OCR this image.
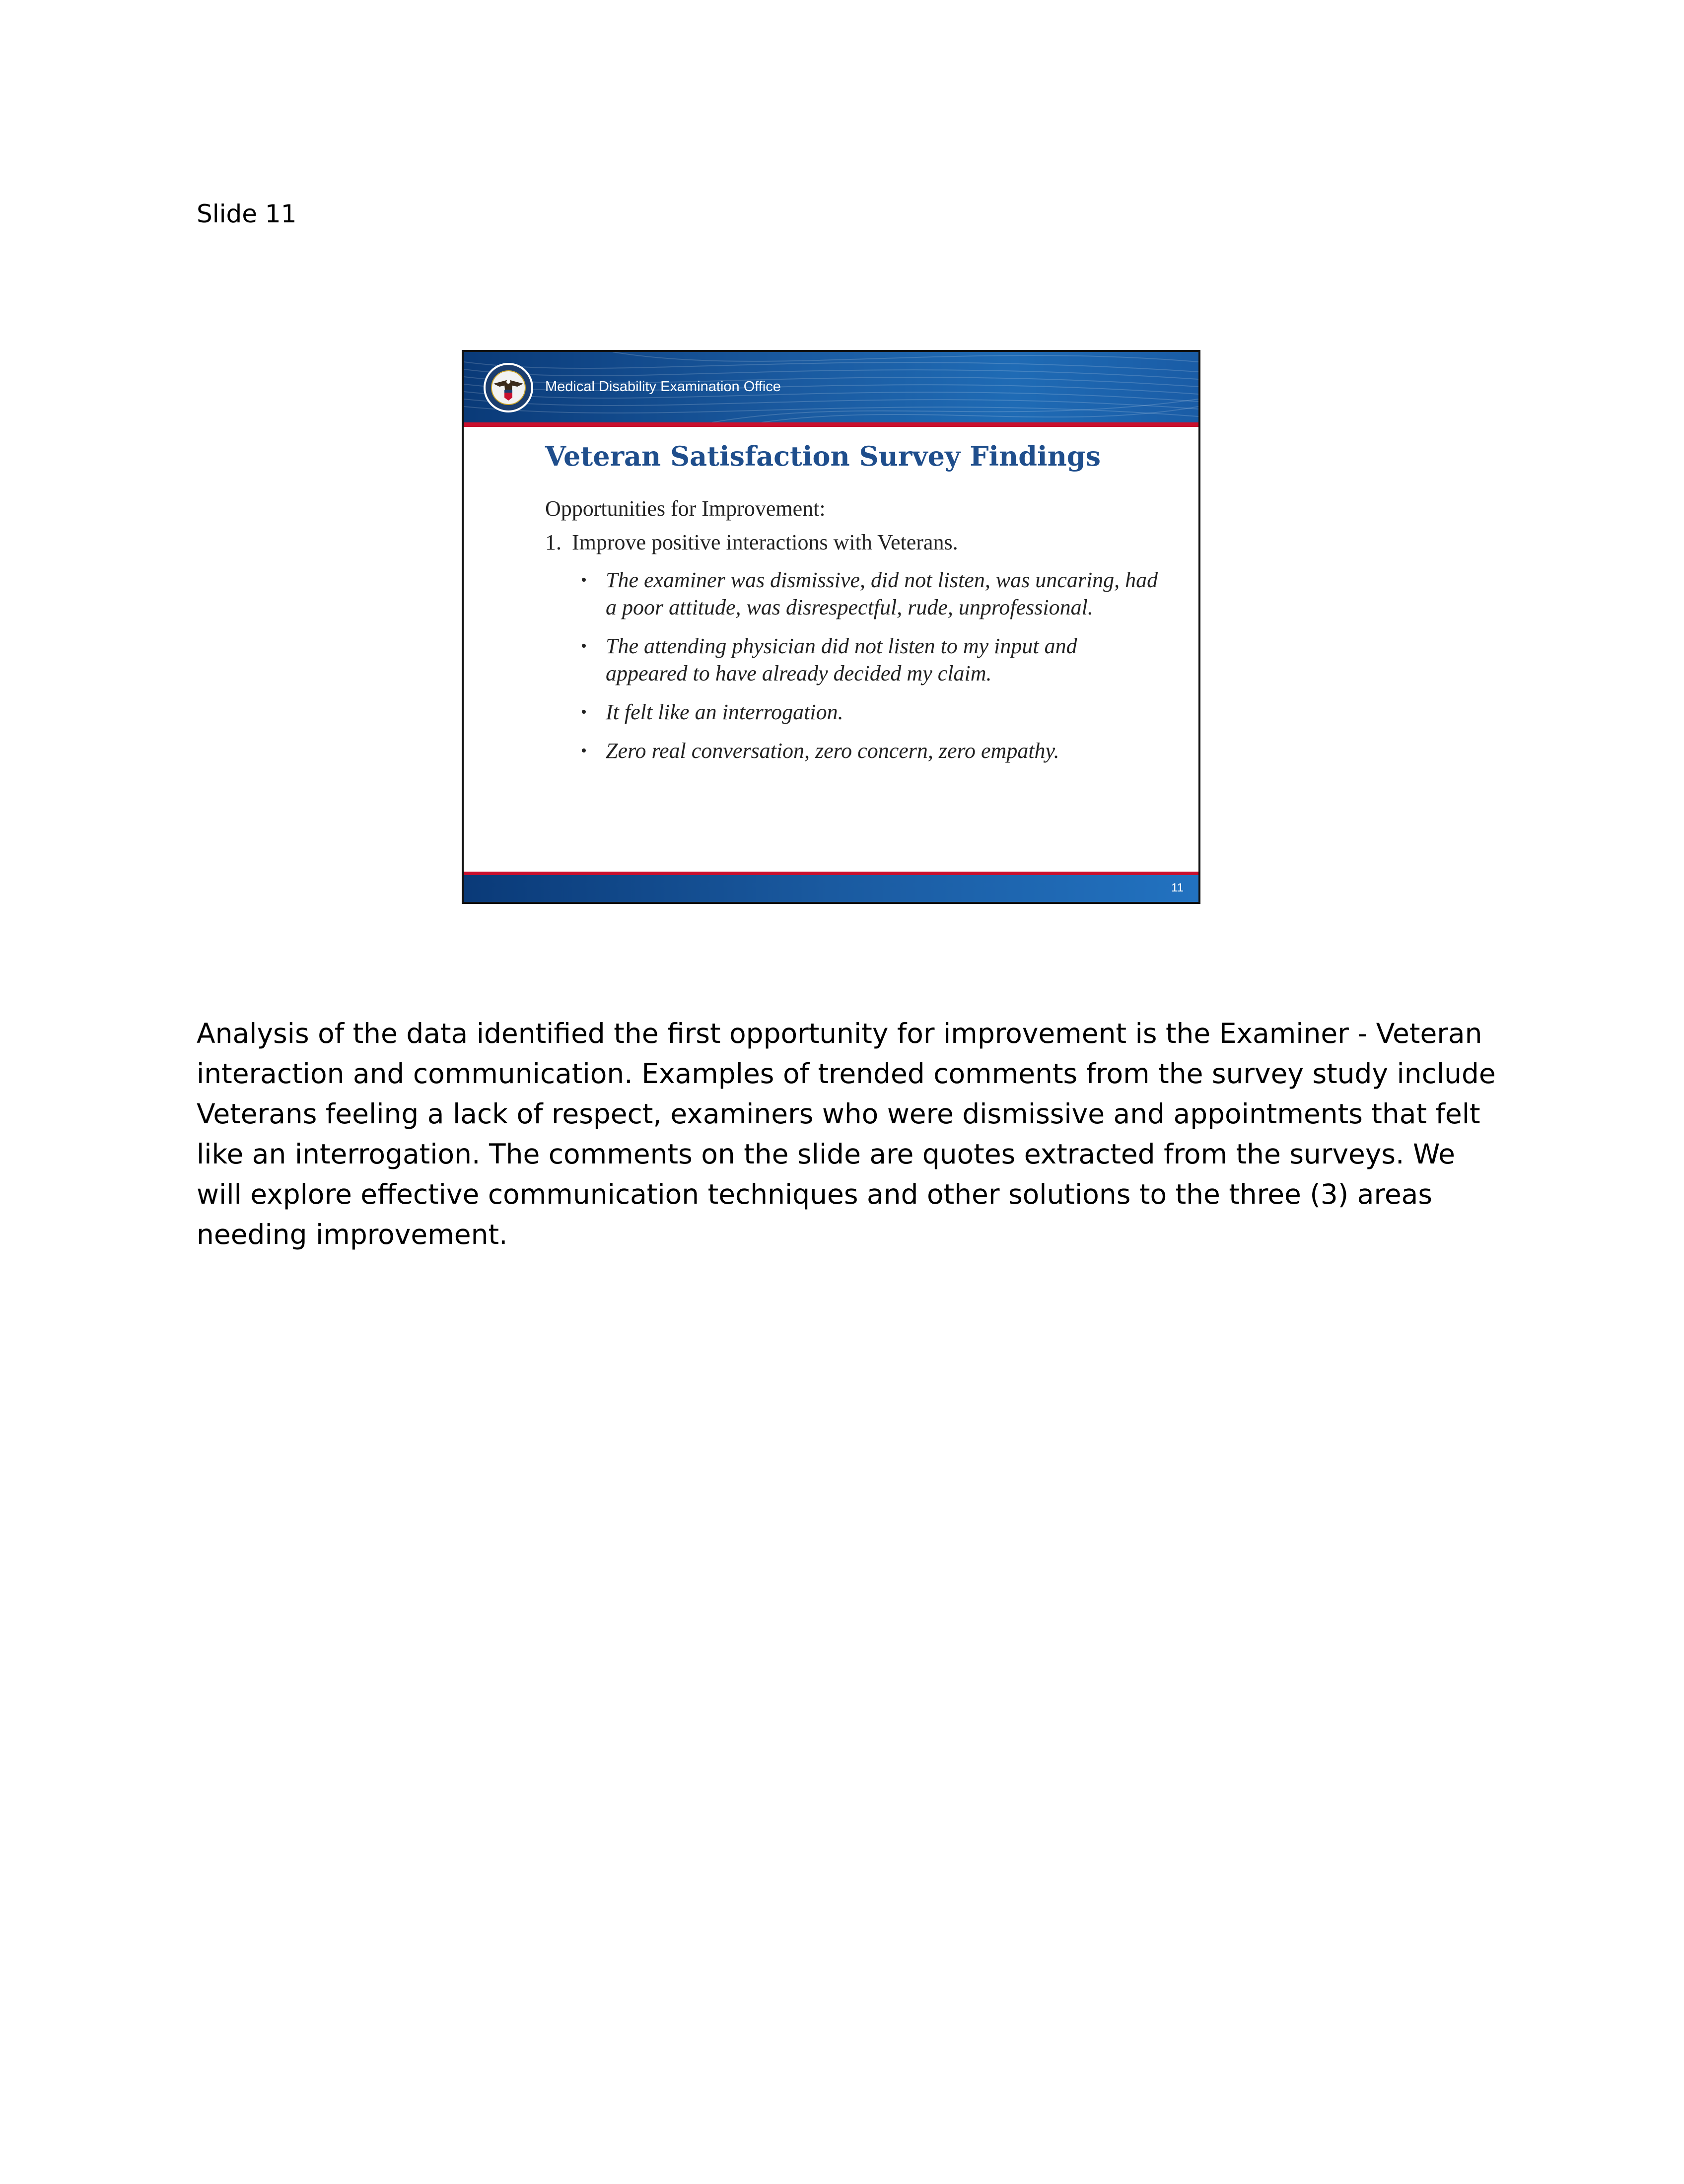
Slide 11
Medical Disability Examination Office
Veteran Satisfaction Survey Findings
Opportunities for Improvement:
1. Improve positive interactions with Veterans.
• The examiner was dismissive, did not listen, was uncaring, had a poor attitude, was disrespectful, rude, unprofessional.
• The attending physician did not listen to my input and appeared to have already decided my claim.
• It felt like an interrogation.
• Zero real conversation, zero concern, zero empathy.
11
Analysis of the data identified the first opportunity for improvement is the Examiner - Veteran
interaction and communication. Examples of trended comments from the survey study include
Veterans feeling a lack of respect, examiners who were dismissive and appointments that felt
like an interrogation. The comments on the slide are quotes extracted from the surveys. We
will explore effective communication techniques and other solutions to the three (3) areas
needing improvement.
